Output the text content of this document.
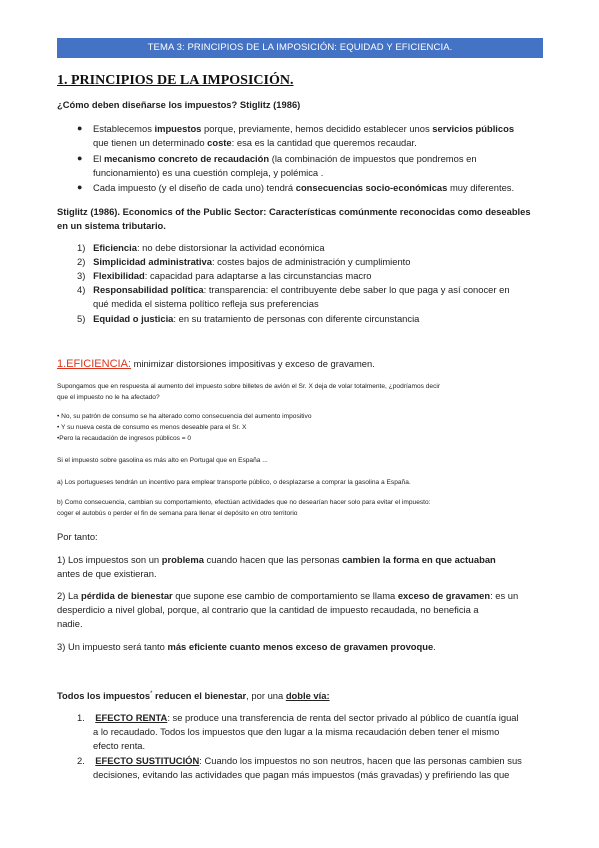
TEMA 3: PRINCIPIOS DE LA IMPOSICIÓN: EQUIDAD Y EFICIENCIA.
1. PRINCIPIOS DE LA IMPOSICIÓN.
¿Cómo deben diseñarse los impuestos? Stiglitz (1986)
● Establecemos impuestos porque, previamente, hemos decidido establecer unos servicios públicos
que tienen un determinado coste: esa es la cantidad que queremos recaudar.
● El mecanismo concreto de recaudación (la combinación de impuestos que pondremos en
funcionamiento) es una cuestión compleja, y polémica .
● Cada impuesto (y el diseño de cada uno) tendrá consecuencias socio-económicas muy diferentes.
Stiglitz (1986). Economics of the Public Sector: Características comúnmente reconocidas como deseables
en un sistema tributario.
1) Eficiencia: no debe distorsionar la actividad económica
2) Simplicidad administrativa: costes bajos de administración y cumplimiento
3) Flexibilidad: capacidad para adaptarse a las circunstancias macro
4) Responsabilidad política: transparencia: el contribuyente debe saber lo que paga y así conocer en
qué medida el sistema político refleja sus preferencias
5) Equidad o justicia: en su tratamiento de personas con diferente circunstancia
1.EFICIENCIA: minimizar distorsiones impositivas y exceso de gravamen.
Supongamos que en respuesta al aumento del impuesto sobre billetes de avión el Sr. X deja de volar totalmente, ¿podríamos decir
que el impuesto no le ha afectado?
• No, su patrón de consumo se ha alterado como consecuencia del aumento impositivo
• Y su nueva cesta de consumo es menos deseable para el Sr. X
•Pero la recaudación de ingresos públicos = 0
Si el impuesto sobre gasolina es más alto en Portugal que en España ...
a) Los portugueses tendrán un incentivo para emplear transporte público, o desplazarse a comprar la gasolina a España.
b) Como consecuencia, cambian su comportamiento, efectúan actividades que no desearían hacer solo para evitar el impuesto:
coger el autobús o perder el fin de semana para llenar el depósito en otro territorio
Por tanto:
1) Los impuestos son un problema cuando hacen que las personas cambien la forma en que actuaban
antes de que existieran.
2) La pérdida de bienestar que supone ese cambio de comportamiento se llama exceso de gravamen: es un
desperdicio a nivel global, porque, al contrario que la cantidad de impuesto recaudada, no beneficia a
nadie.
3) Un impuesto será tanto más eficiente cuanto menos exceso de gravamen provoque.
Todos los impuestos* reducen el bienestar, por una doble vía:
1. EFECTO RENTA: se produce una transferencia de renta del sector privado al público de cuantía igual
a lo recaudado. Todos los impuestos que den lugar a la misma recaudación deben tener el mismo
efecto renta.
2. EFECTO SUSTITUCIÓN: Cuando los impuestos no son neutros, hacen que las personas cambien sus
decisiones, evitando las actividades que pagan más impuestos (más gravadas) y prefiriendo las que
